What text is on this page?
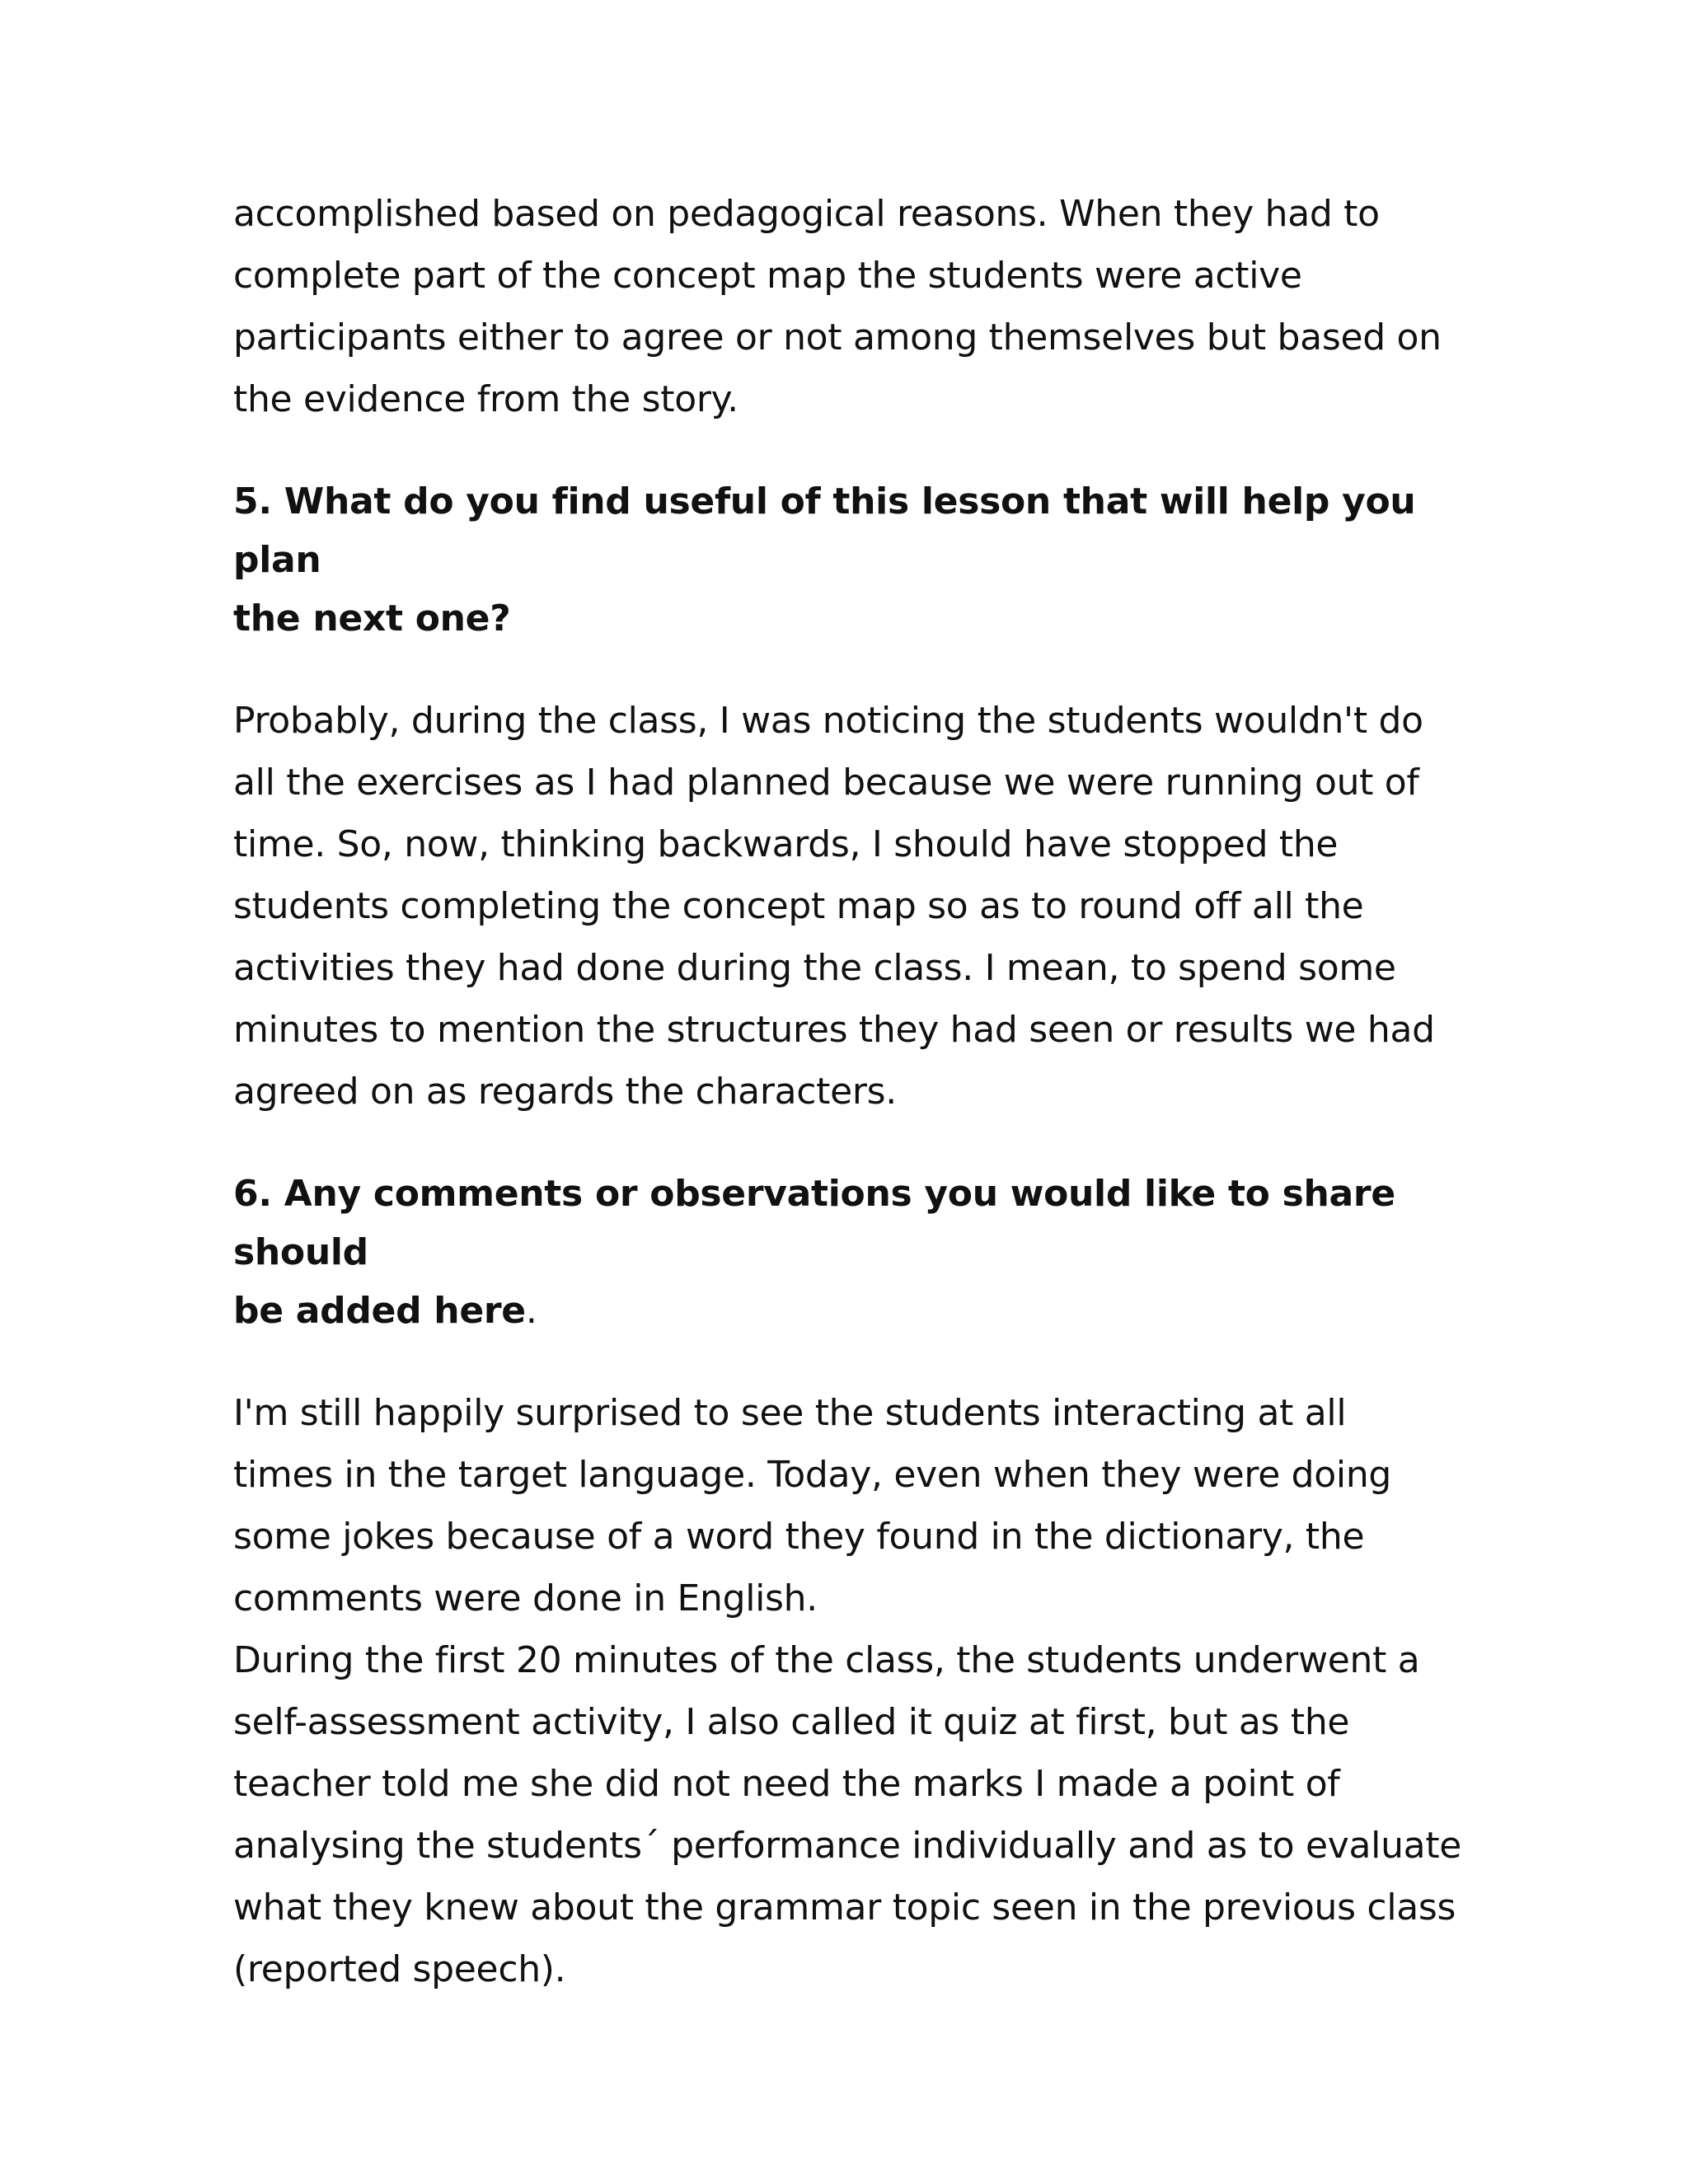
accomplished based on pedagogical reasons. When they had to
complete part of the concept map the students were active
participants either to agree or not among themselves but based on
the evidence from the story.

5. What do you find useful of this lesson that will help you plan
the next one?

Probably, during the class, I was noticing the students wouldn't do
all the exercises as I had planned because we were running out of
time. So, now, thinking backwards, I should have stopped the
students completing the concept map so as to round off all the
activities they had done during the class. I mean, to spend some
minutes to mention the structures they had seen or results we had
agreed on as regards the characters.

6. Any comments or observations you would like to share should
be added here.

I'm still happily surprised to see the students interacting at all
times in the target language. Today, even when they were doing
some jokes because of a word they found in the dictionary, the
comments were done in English.

During the first 20 minutes of the class, the students underwent a
self-assessment activity, I also called it quiz at first, but as the
teacher told me she did not need the marks I made a point of
analysing the students´ performance individually and as to evaluate
what they knew about the grammar topic seen in the previous class
(reported speech).
